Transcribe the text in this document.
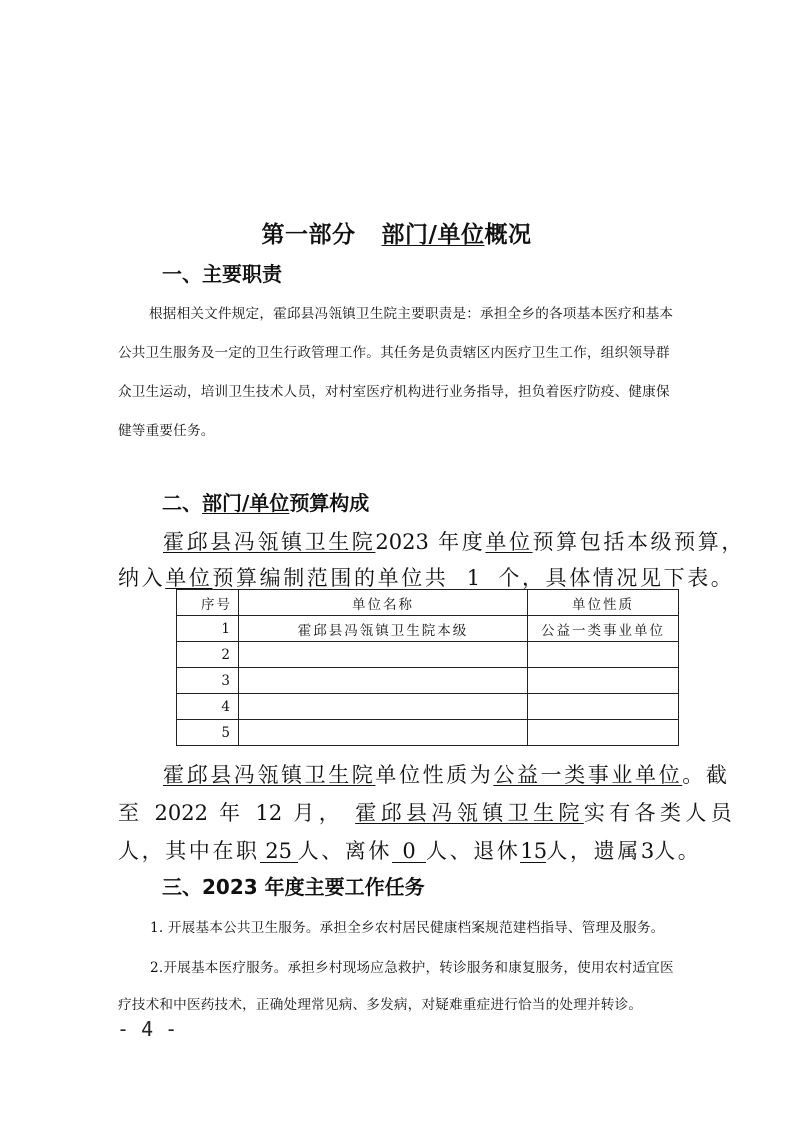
第一部分 部门/单位概况
一、主要职责
根据相关文件规定，霍邱县冯瓴镇卫生院主要职责是：承担全乡的各项基本医疗和基本
公共卫生服务及一定的卫生行政管理工作。其任务是负责辖区内医疗卫生工作，组织领导群
众卫生运动，培训卫生技术人员，对村室医疗机构进行业务指导，担负着医疗防疫、健康保
健等重要任务。
二、部门/单位预算构成
霍邱县冯瓴镇卫生院2023 年度单位预算包括本级预算，
纳入单位预算编制范围的单位共 1 个，具体情况见下表。
序号	单位名称	单位性质
1	霍邱县冯瓴镇卫生院本级	公益一类事业单位
2		
3		
4		
5		
霍邱县冯瓴镇卫生院单位性质为公益一类事业单位。截
至 2022 年 12 月， 霍邱县冯瓴镇卫生院实有各类人员
人，其中在职 25 人、离休 0 人、退休15人，遗属3人。
三、2023 年度主要工作任务
1. 开展基本公共卫生服务。承担全乡农村居民健康档案规范建档指导、管理及服务。
2.开展基本医疗服务。承担乡村现场应急救护，转诊服务和康复服务，使用农村适宜医
疗技术和中医药技术，正确处理常见病、多发病，对疑难重症进行恰当的处理并转诊。
- 4 -
